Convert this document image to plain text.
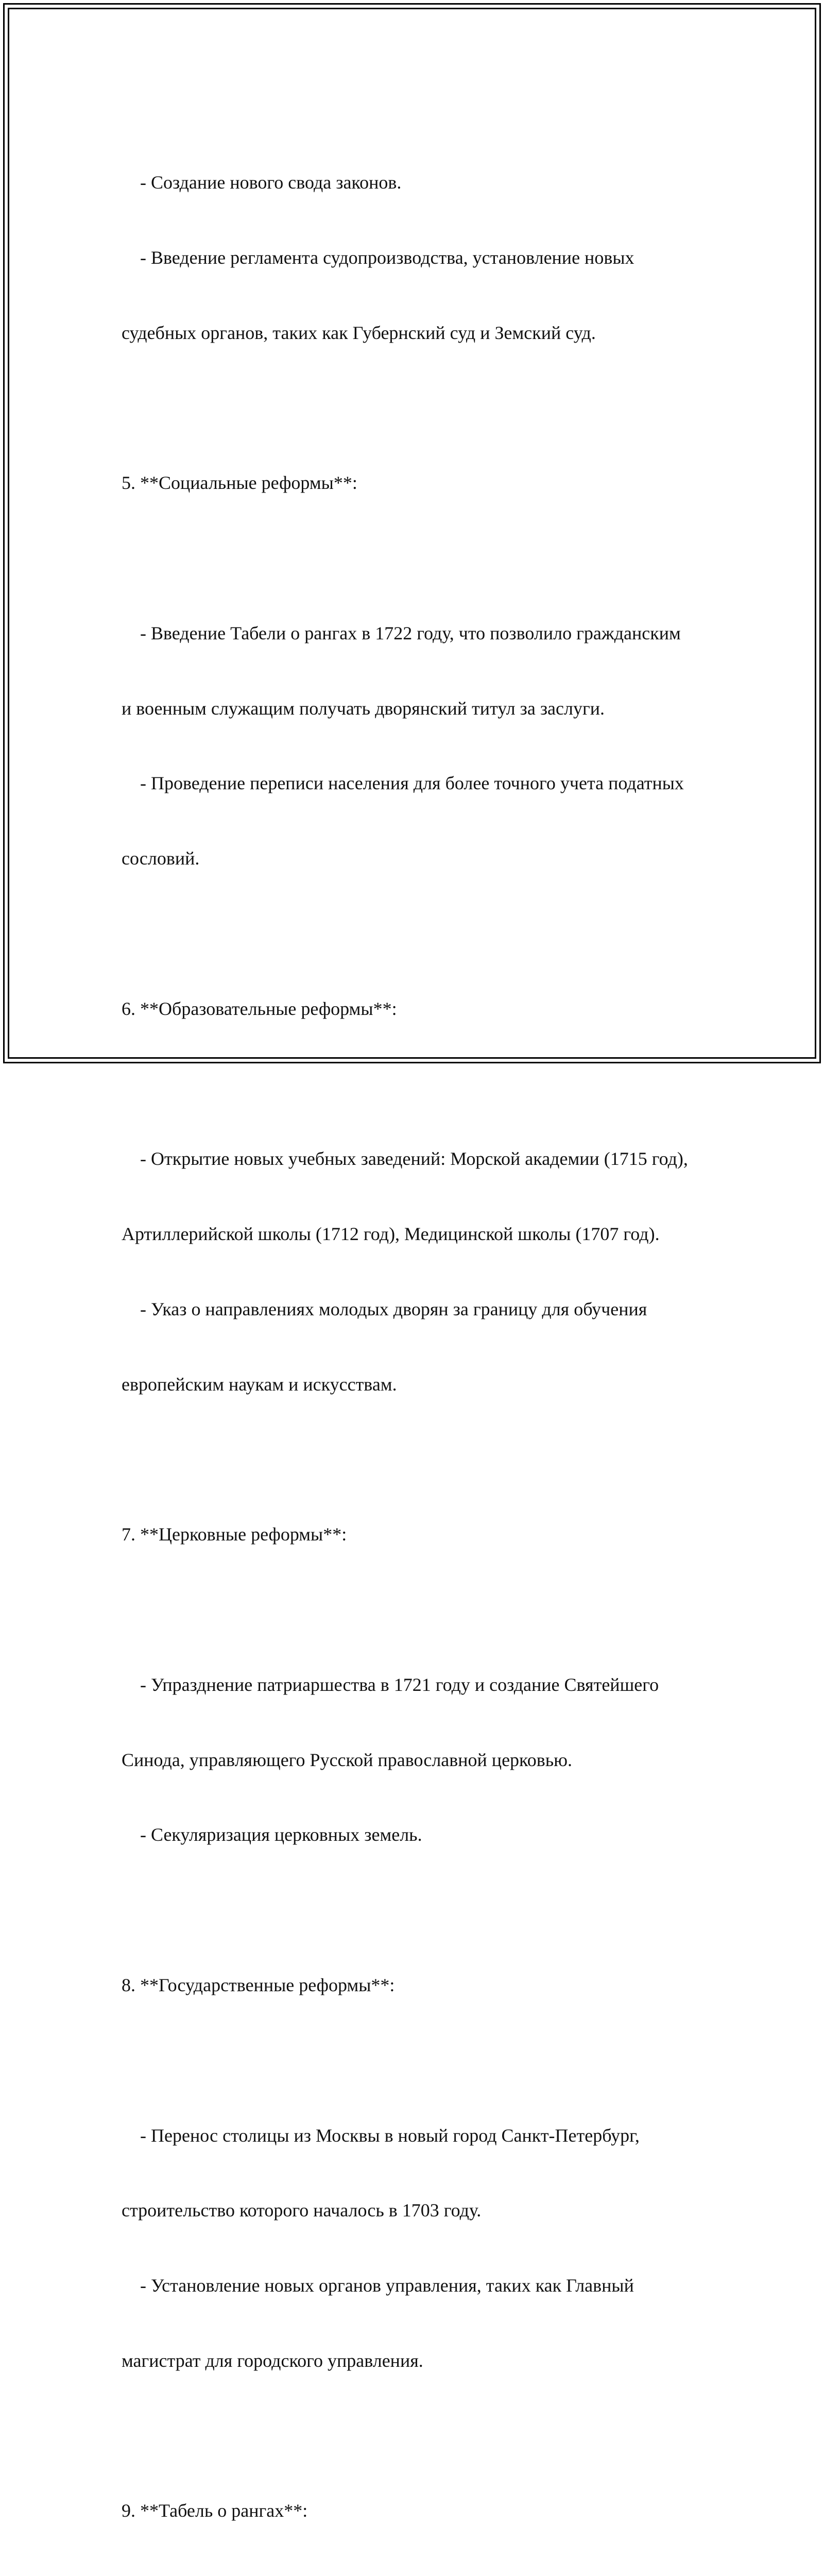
- Создание нового свода законов.

- Введение регламента судопроизводства, установление новых

судебных органов, таких как Губернский суд и Земский суд.

5. **Социальные реформы**:

- Введение Табели о рангах в 1722 году, что позволило гражданским

и военным служащим получать дворянский титул за заслуги.

- Проведение переписи населения для более точного учета податных

сословий.

6. **Образовательные реформы**:

- Открытие новых учебных заведений: Морской академии (1715 год),

Артиллерийской школы (1712 год), Медицинской школы (1707 год).

- Указ о направлениях молодых дворян за границу для обучения

европейским наукам и искусствам.

7. **Церковные реформы**:

- Упразднение патриаршества в 1721 году и создание Святейшего

Синода, управляющего Русской православной церковью.

- Секуляризация церковных земель.

8. **Государственные реформы**:

- Перенос столицы из Москвы в новый город Санкт-Петербург,

строительство которого началось в 1703 году.

- Установление новых органов управления, таких как Главный

магистрат для городского управления.

9. **Табель о рангах**:
